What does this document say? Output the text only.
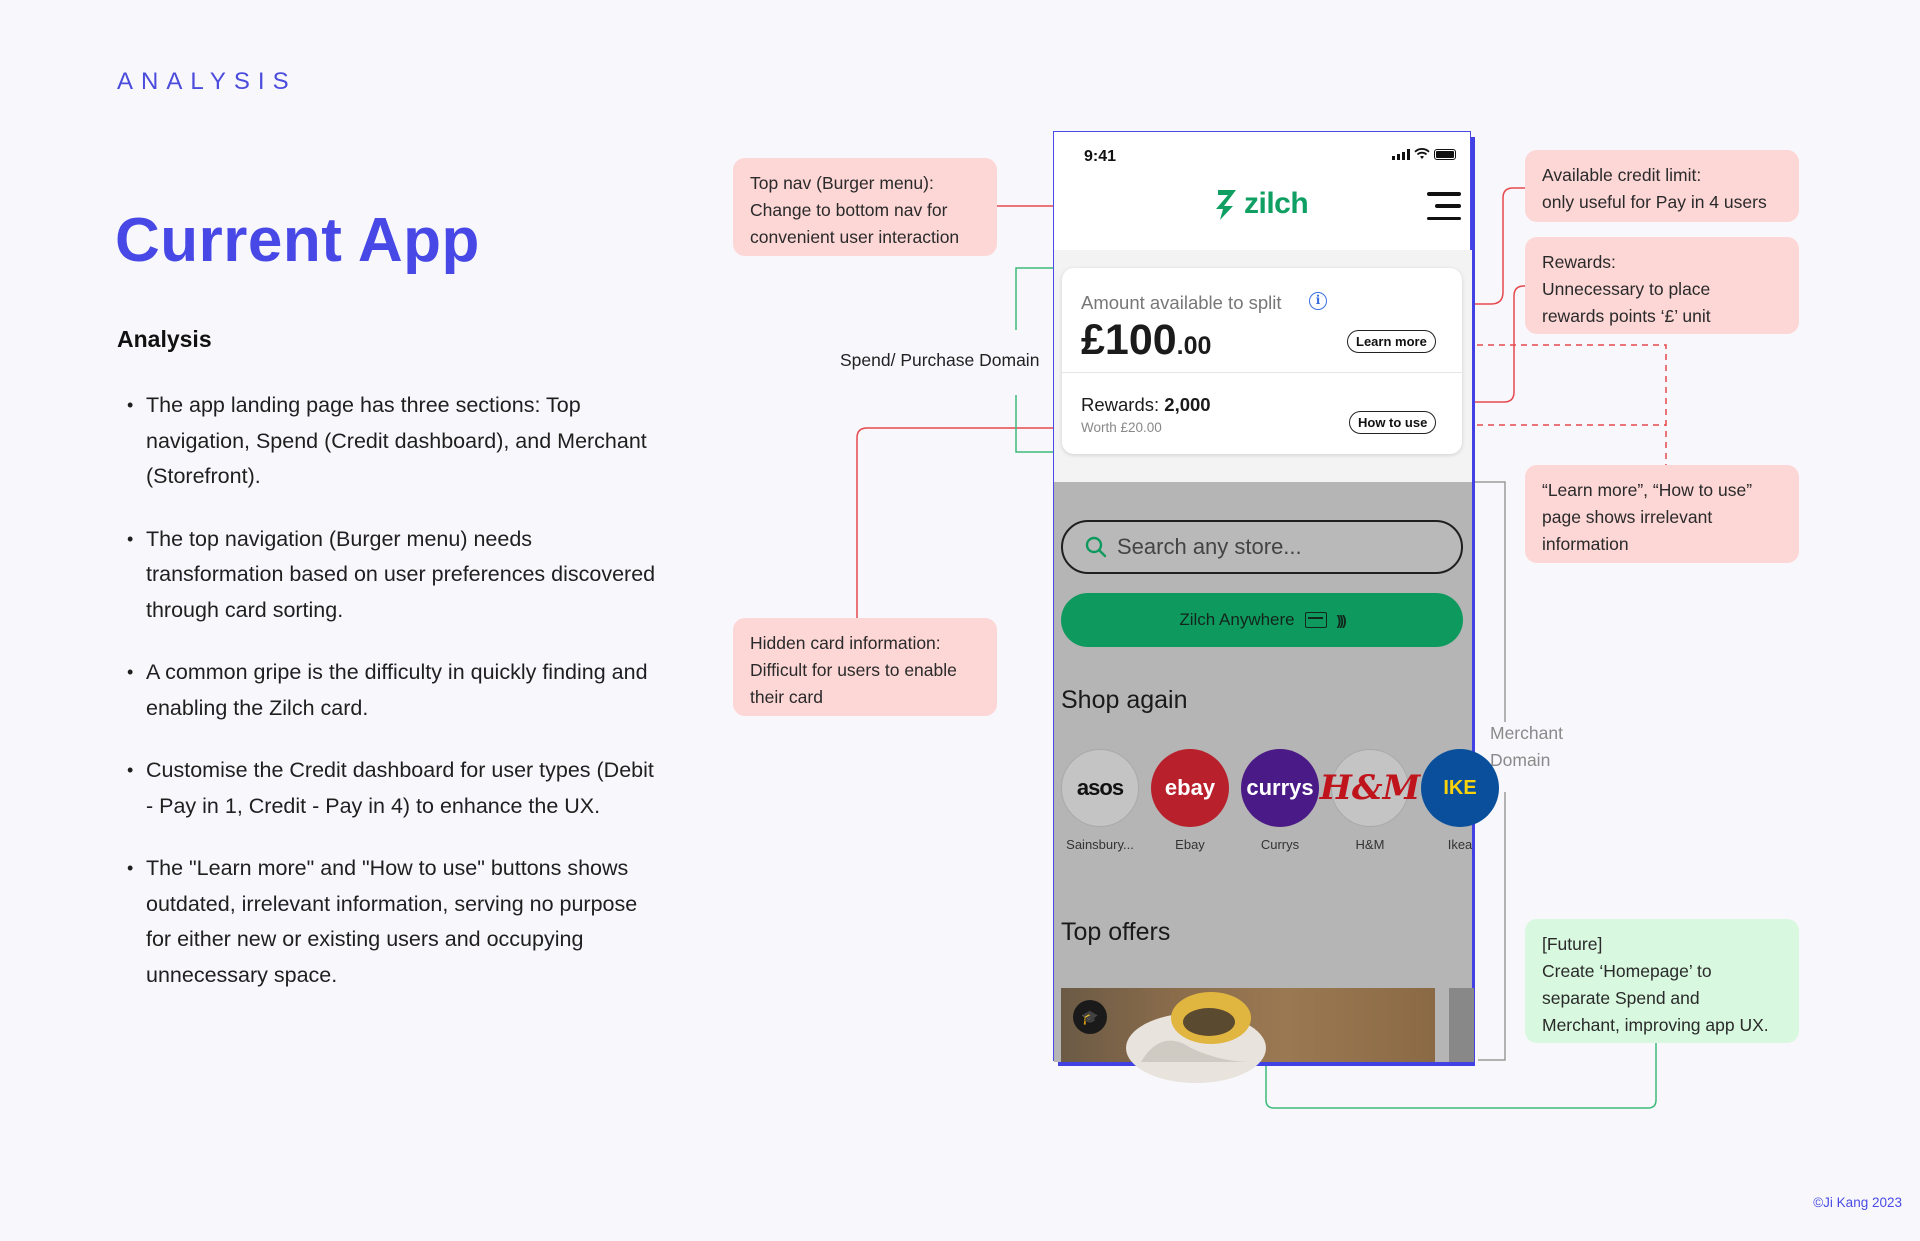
ANALYSIS
Current App
Analysis
• The app landing page has three sections: Top navigation, Spend (Credit dashboard), and Merchant (Storefront).
• The top navigation (Burger menu) needs transformation based on user preferences discovered through card sorting.
• A common gripe is the difficulty in quickly finding and enabling the Zilch card.
• Customise the Credit dashboard for user types (Debit - Pay in 1, Credit - Pay in 4) to enhance the UX.
• The "Learn more" and "How to use" buttons shows outdated, irrelevant information, serving no purpose for either new or existing users and occupying unnecessary space.
Top nav (Burger menu):
Change to bottom nav for
convenient user interaction
Hidden card information:
Difficult for users to enable
their card
Available credit limit:
only useful for Pay in 4 users
Rewards:
Unnecessary to place
rewards points ‘£’ unit
“Learn more”, “How to use”
page shows irrelevant
information
[Future]
Create ‘Homepage’ to
separate Spend and
Merchant, improving app UX.
Spend/ Purchase Domain
Merchant
Domain
9:41
zilch
Amount available to split	i
£100.00	Learn more
Rewards: 2,000
Worth £20.00	How to use
Search any store...
Zilch Anywhere	)))
Shop again
asos
Sainsbury...
ebay
Ebay
currys
Currys
H&M
H&M
IKE
Ikea
Top offers
🎓
©Ji Kang 2023
